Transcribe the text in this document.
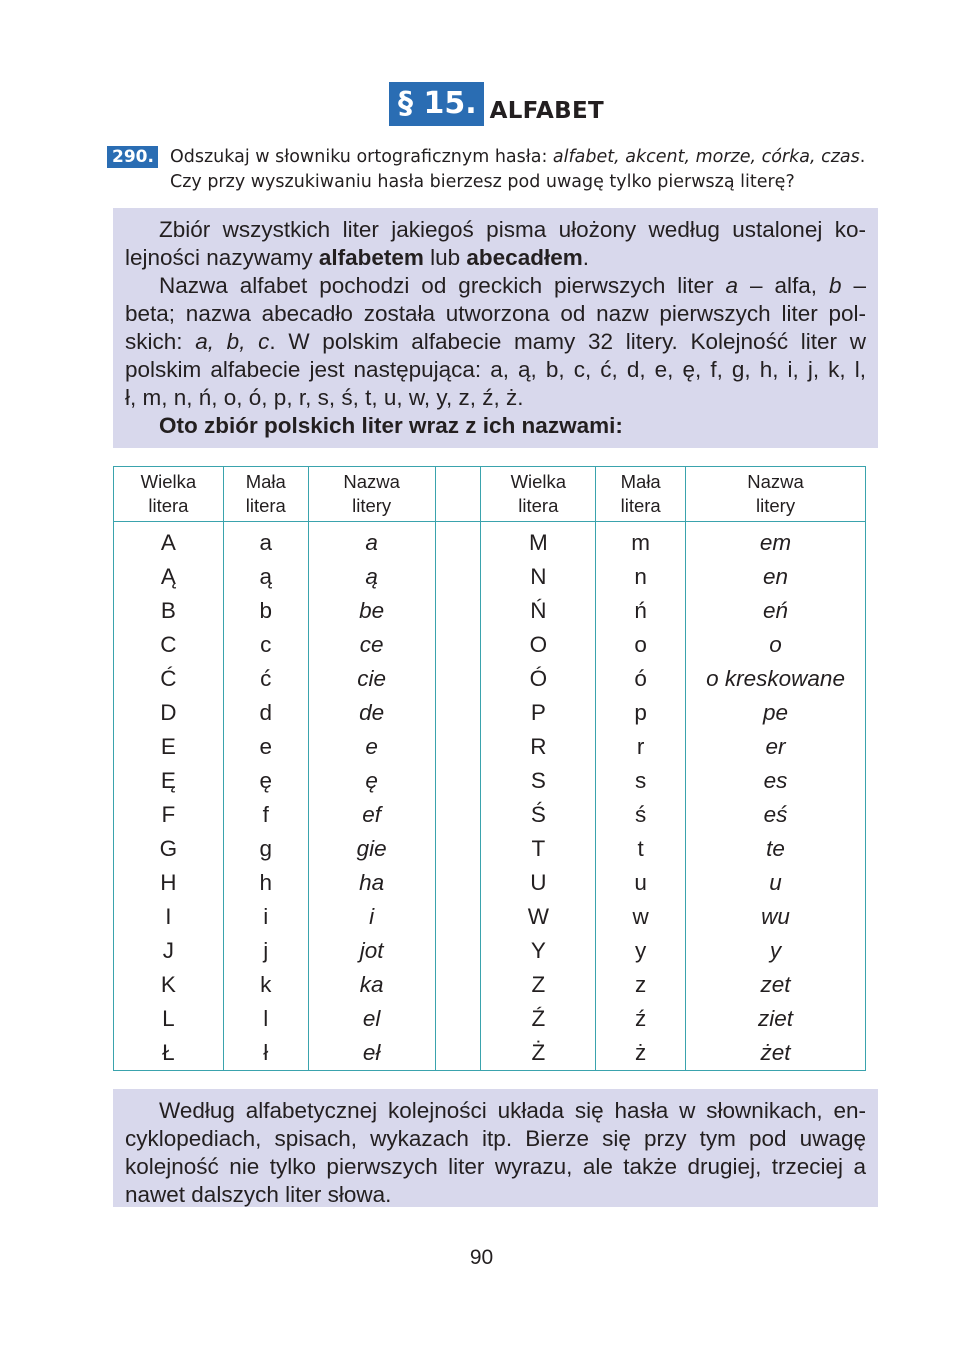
§ 15. ALFABET
290. Odszukaj w słowniku ortograficznym hasła: alfabet, akcent, morze, córka, czas.
Czy przy wyszukiwaniu hasła bierzesz pod uwagę tylko pierwszą literę?
Zbiór wszystkich liter jakiegoś pisma ułożony według ustalonej ko-
lejności nazywamy alfabetem lub abecadłem.
Nazwa alfabet pochodzi od greckich pierwszych liter a – alfa, b –
beta; nazwa abecadło została utworzona od nazw pierwszych liter pol-
skich: a, b, c. W polskim alfabecie mamy 32 litery. Kolejność liter w
polskim alfabecie jest następująca: a, ą, b, c, ć, d, e, ę, f, g, h, i, j, k, l,
ł, m, n, ń, o, ó, p, r, s, ś, t, u, w, y, z, ź, ż.
Oto zbiór polskich liter wraz z ich nazwami:
Wielka
litera	Mała
litera	Nazwa
litery		Wielka
litera	Mała
litera	Nazwa
litery
A	a	a		M	m	em
Ą	ą	ą		N	n	en
B	b	be		Ń	ń	eń
C	c	ce		O	o	o
Ć	ć	cie		Ó	ó	o kreskowane
D	d	de		P	p	pe
E	e	e		R	r	er
Ę	ę	ę		S	s	es
F	f	ef		Ś	ś	eś
G	g	gie		T	t	te
H	h	ha		U	u	u
I	i	i		W	w	wu
J	j	jot		Y	y	y
K	k	ka		Z	z	zet
L	l	el		Ź	ź	ziet
Ł	ł	eł		Ż	ż	żet
Według alfabetycznej kolejności układa się hasła w słownikach, en-
cyklopediach, spisach, wykazach itp. Bierze się przy tym pod uwagę
kolejność nie tylko pierwszych liter wyrazu, ale także drugiej, trzeciej a
nawet dalszych liter słowa.
90
